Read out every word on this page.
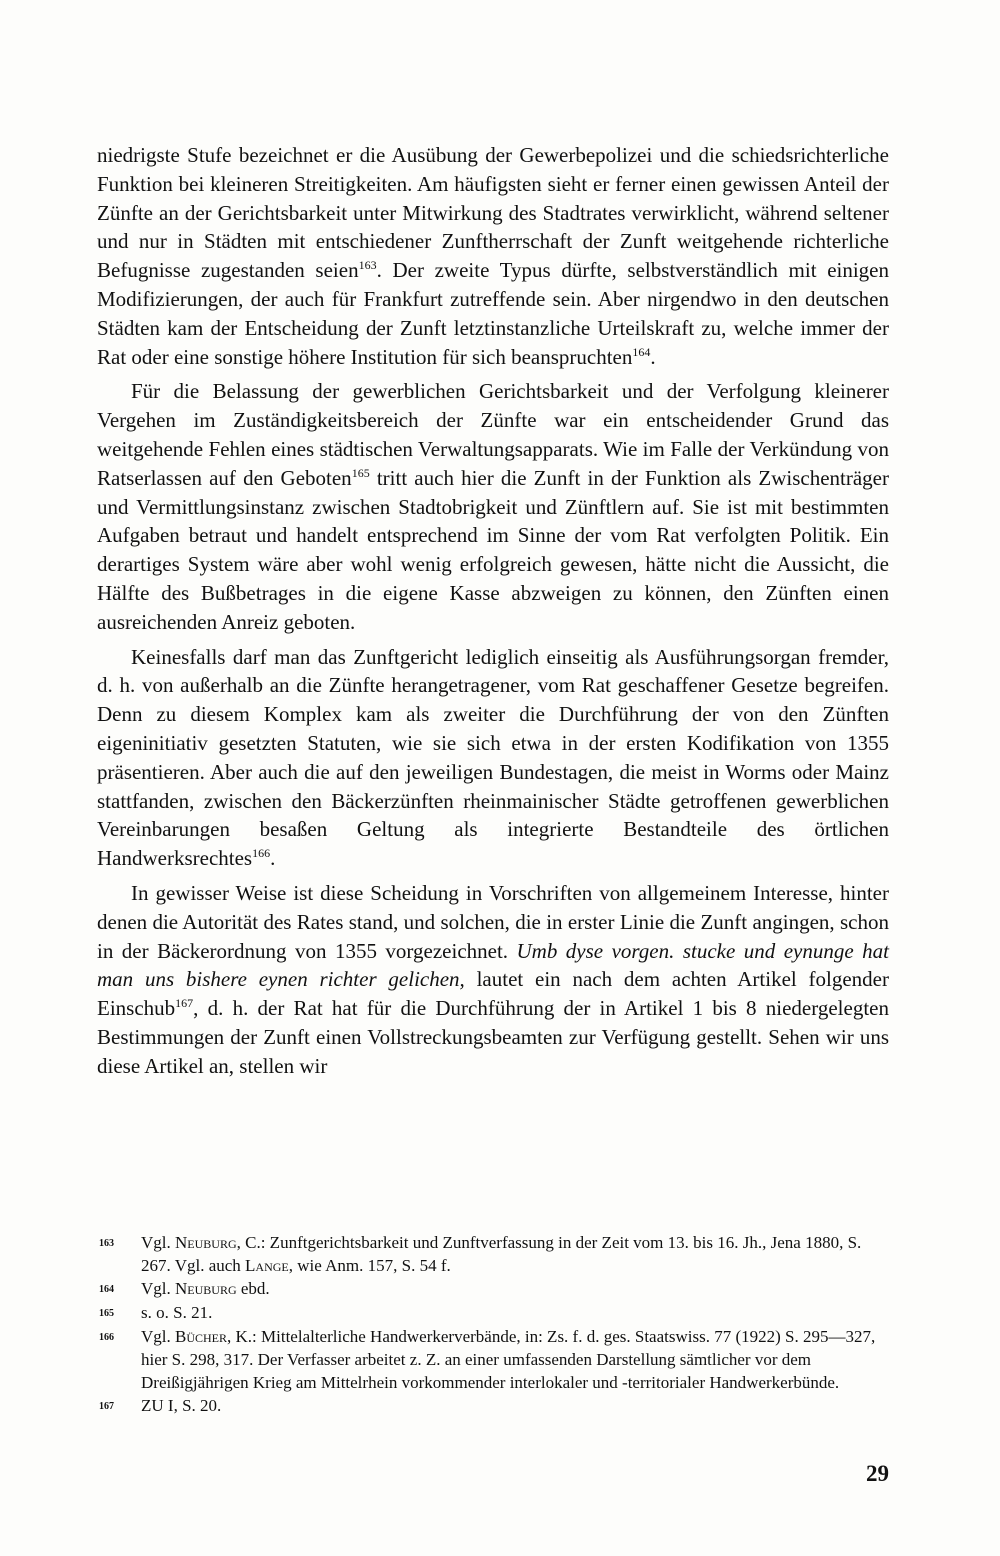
niedrigste Stufe bezeichnet er die Ausübung der Gewerbepolizei und die schiedsrichterliche Funktion bei kleineren Streitigkeiten. Am häufigsten sieht er ferner einen gewissen Anteil der Zünfte an der Gerichtsbarkeit unter Mitwirkung des Stadtrates verwirklicht, während seltener und nur in Städten mit entschiedener Zunftherrschaft der Zunft weitgehende richterliche Befugnisse zugestanden seien$^{163}$. Der zweite Typus dürfte, selbstverständlich mit einigen Modifizierungen, der auch für Frankfurt zutreffende sein. Aber nirgendwo in den deutschen Städten kam der Entscheidung der Zunft letztinstanzliche Urteilskraft zu, welche immer der Rat oder eine sonstige höhere Institution für sich beanspruchten$^{164}$.

Für die Belassung der gewerblichen Gerichtsbarkeit und der Verfolgung kleinerer Vergehen im Zuständigkeitsbereich der Zünfte war ein entscheidender Grund das weitgehende Fehlen eines städtischen Verwaltungsapparats. Wie im Falle der Verkündung von Ratserlassen auf den Geboten$^{165}$ tritt auch hier die Zunft in der Funktion als Zwischenträger und Vermittlungsinstanz zwischen Stadtobrigkeit und Zünftlern auf. Sie ist mit bestimmten Aufgaben betraut und handelt entsprechend im Sinne der vom Rat verfolgten Politik. Ein derartiges System wäre aber wohl wenig erfolgreich gewesen, hätte nicht die Aussicht, die Hälfte des Bußbetrages in die eigene Kasse abzweigen zu können, den Zünften einen ausreichenden Anreiz geboten.

Keinesfalls darf man das Zunftgericht lediglich einseitig als Ausführungsorgan fremder, d. h. von außerhalb an die Zünfte herangetragener, vom Rat geschaffener Gesetze begreifen. Denn zu diesem Komplex kam als zweiter die Durchführung der von den Zünften eigeninitiativ gesetzten Statuten, wie sie sich etwa in der ersten Kodifikation von 1355 präsentieren. Aber auch die auf den jeweiligen Bundestagen, die meist in Worms oder Mainz stattfanden, zwischen den Bäckerzünften rheinmainischer Städte getroffenen gewerblichen Vereinbarungen besaßen Geltung als integrierte Bestandteile des örtlichen Handwerksrechtes$^{166}$.

In gewisser Weise ist diese Scheidung in Vorschriften von allgemeinem Interesse, hinter denen die Autorität des Rates stand, und solchen, die in erster Linie die Zunft angingen, schon in der Bäckerordnung von 1355 vorgezeichnet. Umb dyse vorgen. stucke und eynunge hat man uns bishere eynen richter gelichen, lautet ein nach dem achten Artikel folgender Einschub$^{167}$, d. h. der Rat hat für die Durchführung der in Artikel 1 bis 8 niedergelegten Bestimmungen der Zunft einen Vollstreckungsbeamten zur Verfügung gestellt. Sehen wir uns diese Artikel an, stellen wir

163	Vgl. Neuburg, C.: Zunftgerichtsbarkeit und Zunftverfassung in der Zeit vom 13. bis 16. Jh., Jena 1880, S. 267. Vgl. auch Lange, wie Anm. 157, S. 54 f.
164	Vgl. Neuburg ebd.
165	s. o. S. 21.
166	Vgl. Bücher, K.: Mittelalterliche Handwerkerverbände, in: Zs. f. d. ges. Staatswiss. 77 (1922) S. 295—327, hier S. 298, 317. Der Verfasser arbeitet z. Z. an einer umfassenden Darstellung sämtlicher vor dem Dreißigjährigen Krieg am Mittelrhein vorkommender interlokaler und -territorialer Handwerkerbünde.
167	ZU I, S. 20.
29
